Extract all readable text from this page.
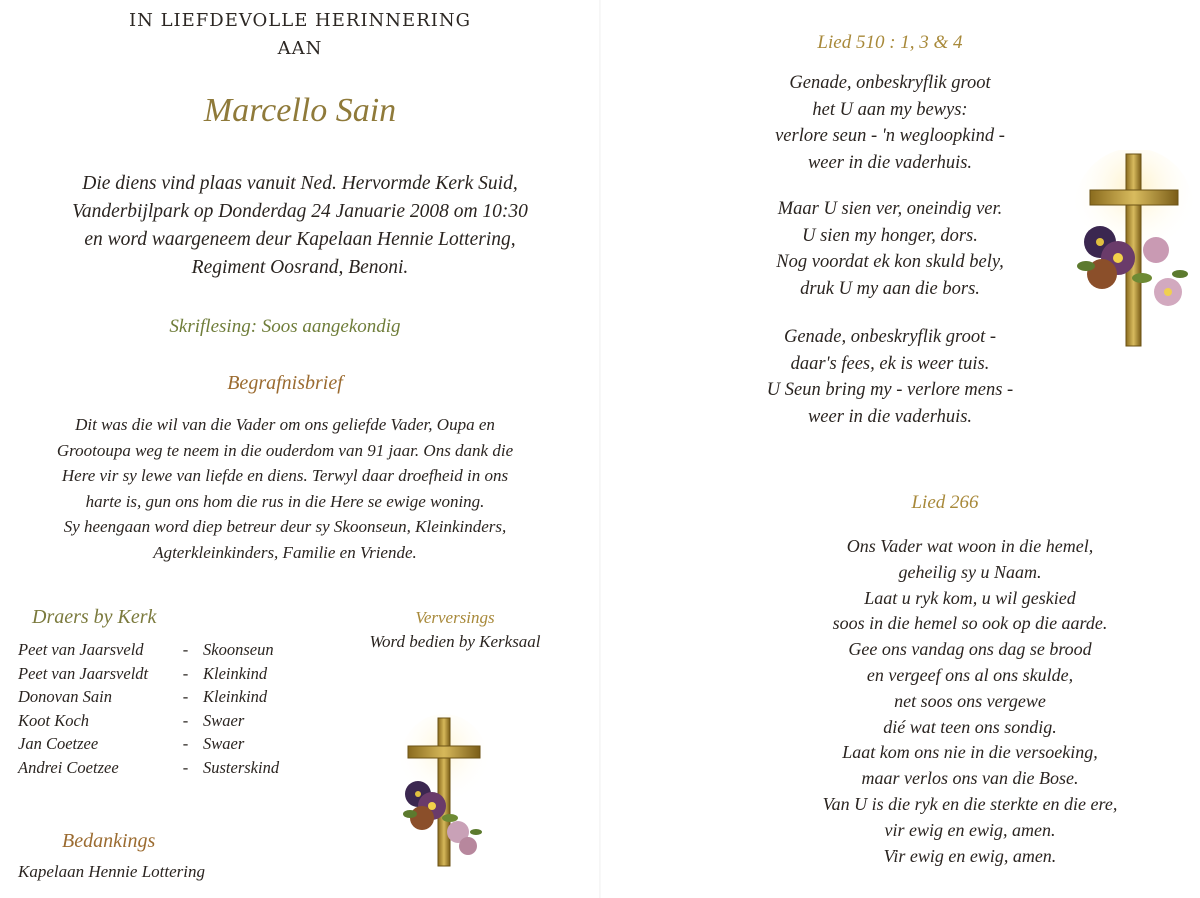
IN LIEFDEVOLLE HERINNERING
AAN
Marcello Sain

Die diens vind plaas vanuit Ned. Hervormde Kerk Suid,

Vanderbijlpark op Donderdag 24 Januarie 2008 om 10:30

en word waargeneem deur Kapelaan Hennie Lottering,

Regiment Oosrand, Benoni.

Skriflesing: Soos aangekondig
Begrafnisbrief

Dit was die wil van die Vader om ons geliefde Vader, Oupa en

Grootoupa weg te neem in die ouderdom van 91 jaar. Ons dank die

Here vir sy lewe van liefde en diens. Terwyl daar droefheid in ons

harte is, gun ons hom die rus in die Here se ewige woning.

Sy heengaan word diep betreur deur sy Skoonseun, Kleinkinders,

Agterkleinkinders, Familie en Vriende.

Draers by Kerk
Peet van Jaarsveld	- Skoonseun
Peet van Jaarsveldt	- Kleinkind
Donovan Sain	- Kleinkind
Koot Koch	- Swaer
Jan Coetzee	- Swaer
Andrei Coetzee	- Susterskind
Verversings
Word bedien by Kerksaal
Bedankings
Kapelaan Hennie Lottering
Lied 510 : 1, 3 & 4

Genade, onbeskryflik groot

het U aan my bewys:

verlore seun - 'n wegloopkind -

weer in die vaderhuis.

Maar U sien ver, oneindig ver.

U sien my honger, dors.

Nog voordat ek kon skuld bely,

druk U my aan die bors.

Genade, onbeskryflik groot -

daar's fees, ek is weer tuis.

U Seun bring my - verlore mens -

weer in die vaderhuis.

Lied 266

Ons Vader wat woon in die hemel,

geheilig sy u Naam.

Laat u ryk kom, u wil geskied

soos in die hemel so ook op die aarde.

Gee ons vandag ons dag se brood

en vergeef ons al ons skulde,

net soos ons vergewe

dié wat teen ons sondig.

Laat kom ons nie in die versoeking,

maar verlos ons van die Bose.

Van U is die ryk en die sterkte en die ere,

vir ewig en ewig, amen.

Vir ewig en ewig, amen.
